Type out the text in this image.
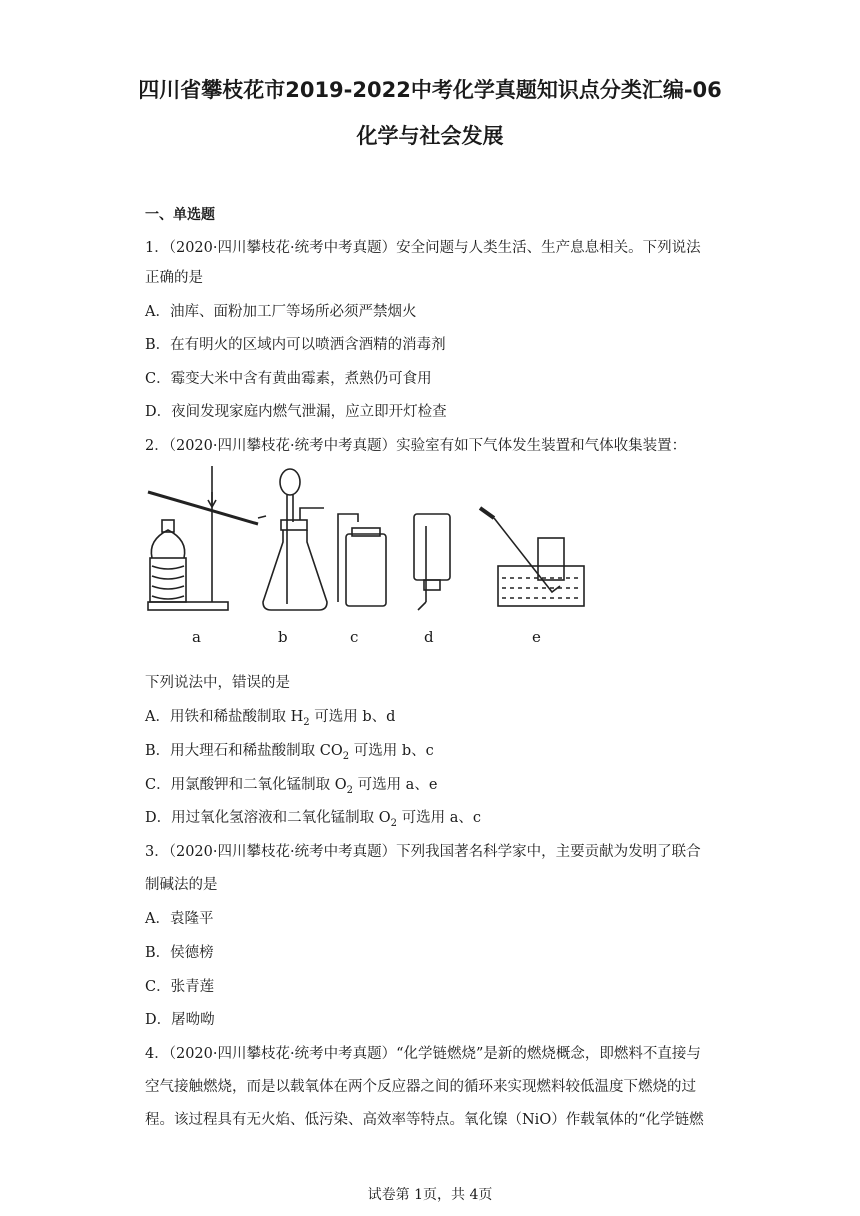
四川省攀枝花市2019-2022中考化学真题知识点分类汇编-06
化学与社会发展
一、单选题
1．（2020·四川攀枝花·统考中考真题）安全问题与人类生活、生产息息相关。下列说法
正确的是
A．油库、面粉加工厂等场所必须严禁烟火
B．在有明火的区域内可以喷洒含酒精的消毒剂
C．霉变大米中含有黄曲霉素，煮熟仍可食用
D．夜间发现家庭内燃气泄漏，应立即开灯检查
2．（2020·四川攀枝花·统考中考真题）实验室有如下气体发生装置和气体收集装置：
a	b	c	d	e
下列说法中，错误的是
A．用铁和稀盐酸制取 $H_2$ 可选用 b、d
B．用大理石和稀盐酸制取 $CO_2$ 可选用 b、c
C．用氯酸钾和二氧化锰制取 $O_2$ 可选用 a、e
D．用过氧化氢溶液和二氧化锰制取 $O_2$ 可选用 a、c
3．（2020·四川攀枝花·统考中考真题）下列我国著名科学家中，主要贡献为发明了联合
制碱法的是
A．袁隆平
B．侯德榜
C．张青莲
D．屠呦呦
4．（2020·四川攀枝花·统考中考真题）“化学链燃烧”是新的燃烧概念，即燃料不直接与
空气接触燃烧，而是以载氧体在两个反应器之间的循环来实现燃料较低温度下燃烧的过
程。该过程具有无火焰、低污染、高效率等特点。氧化镍（NiO）作载氧体的“化学链燃
试卷第 1页，共 4页
